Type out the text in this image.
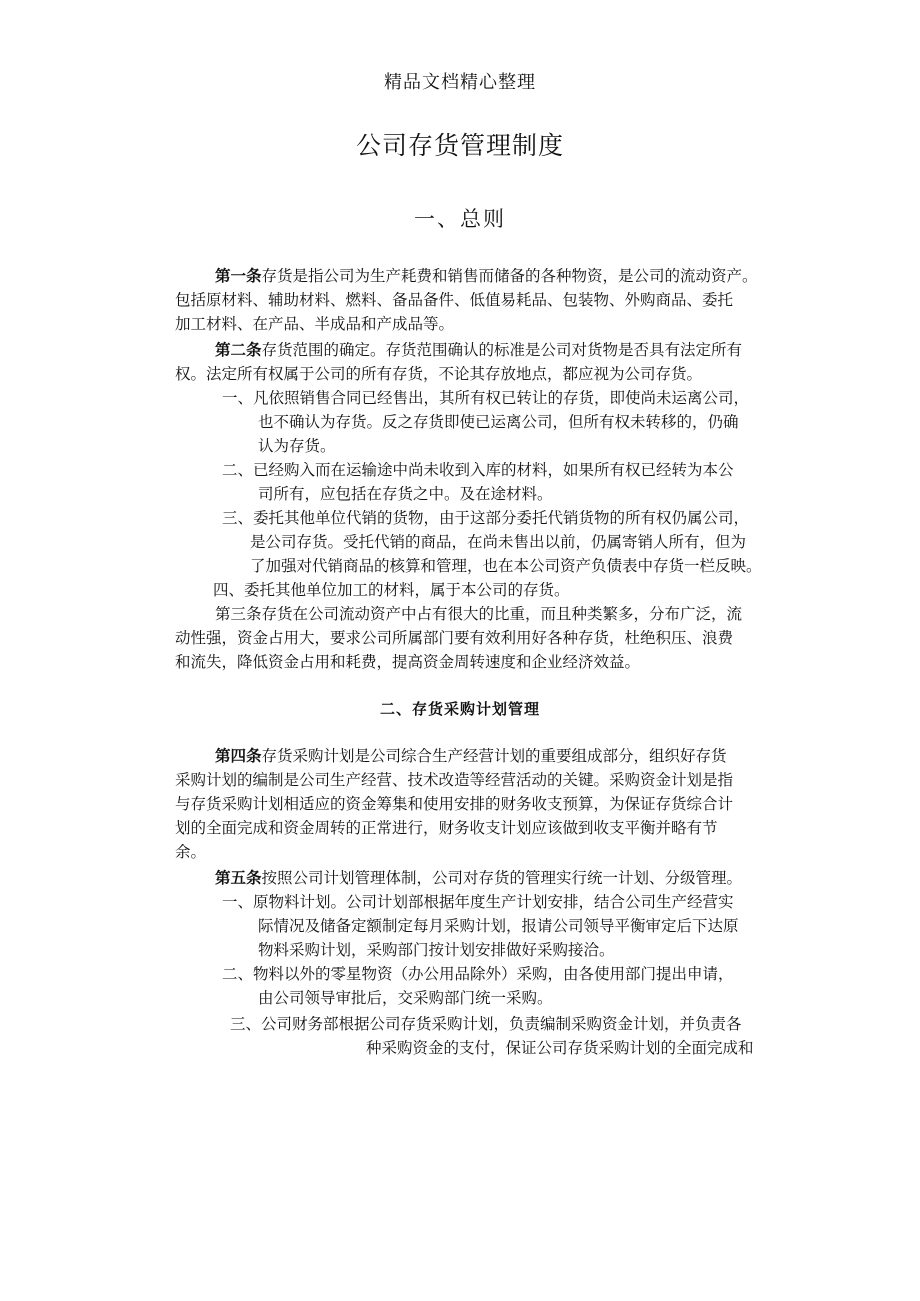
精品文档精心整理
公司存货管理制度
一、总则
第一条存货是指公司为生产耗费和销售而储备的各种物资，是公司的流动资产。
包括原材料、辅助材料、燃料、备品备件、低值易耗品、包装物、外购商品、委托
加工材料、在产品、半成品和产成品等。
第二条存货范围的确定。存货范围确认的标准是公司对货物是否具有法定所有
权。法定所有权属于公司的所有存货，不论其存放地点，都应视为公司存货。
一、凡依照销售合同已经售出，其所有权已转让的存货，即使尚未运离公司，
也不确认为存货。反之存货即使已运离公司，但所有权未转移的，仍确
认为存货。
二、已经购入而在运输途中尚未收到入库的材料，如果所有权已经转为本公
司所有，应包括在存货之中。及在途材料。
三、委托其他单位代销的货物，由于这部分委托代销货物的所有权仍属公司，
是公司存货。受托代销的商品，在尚未售出以前，仍属寄销人所有，但为
了加强对代销商品的核算和管理，也在本公司资产负债表中存货一栏反映。
四、委托其他单位加工的材料，属于本公司的存货。
第三条存货在公司流动资产中占有很大的比重，而且种类繁多，分布广泛，流
动性强，资金占用大，要求公司所属部门要有效利用好各种存货，杜绝积压、浪费
和流失，降低资金占用和耗费，提高资金周转速度和企业经济效益。
二、存货采购计划管理
第四条存货采购计划是公司综合生产经营计划的重要组成部分，组织好存货
采购计划的编制是公司生产经营、技术改造等经营活动的关键。采购资金计划是指
与存货采购计划相适应的资金筹集和使用安排的财务收支预算，为保证存货综合计
划的全面完成和资金周转的正常进行，财务收支计划应该做到收支平衡并略有节
余。
第五条按照公司计划管理体制，公司对存货的管理实行统一计划、分级管理。
一、原物料计划。公司计划部根据年度生产计划安排，结合公司生产经营实
际情况及储备定额制定每月采购计划，报请公司领导平衡审定后下达原
物料采购计划，采购部门按计划安排做好采购接洽。
二、物料以外的零星物资（办公用品除外）采购，由各使用部门提出申请，
由公司领导审批后，交采购部门统一采购。
三、公司财务部根据公司存货采购计划，负责编制采购资金计划，并负责各
种采购资金的支付，保证公司存货采购计划的全面完成和
